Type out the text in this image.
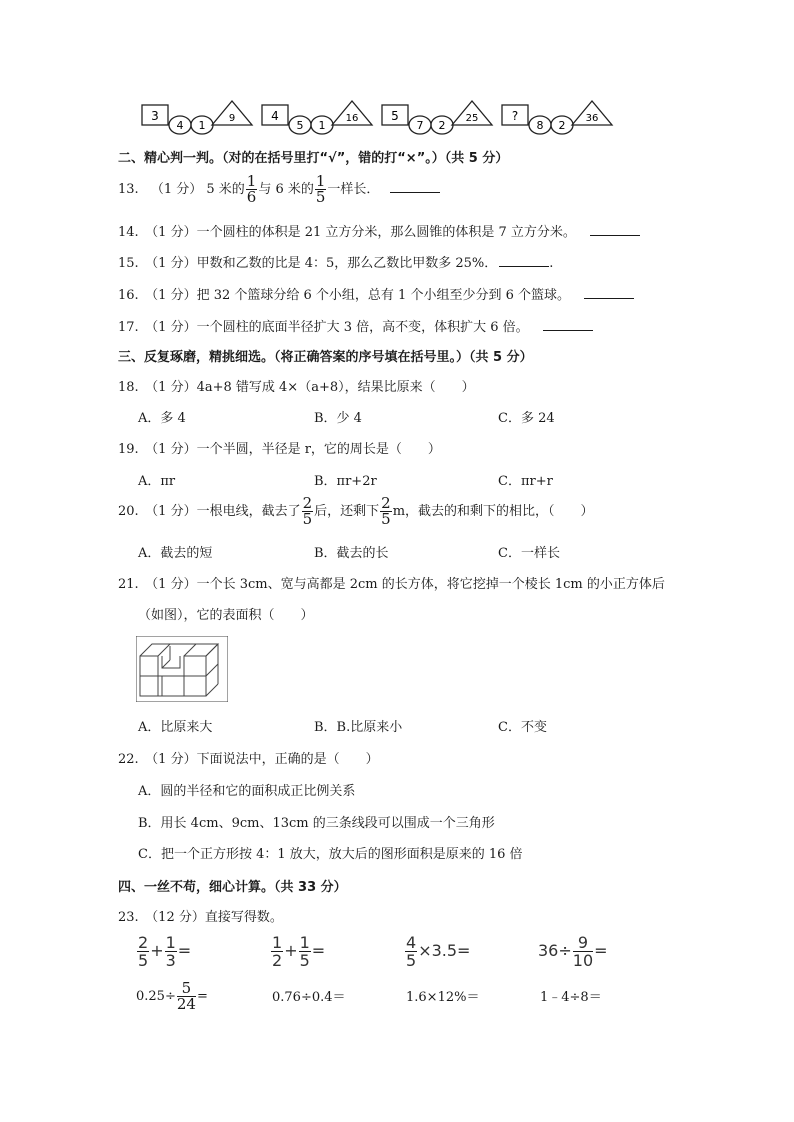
3
4 1
9	4
5 1
16	5
7 2
25	?
8 2
36
二、精心判一判。（对的在括号里打“√”，错的打“×”。）（共 5 分）
13. （1 分） 5 米的 $\frac{1}{6}$ 与 6 米的 $\frac{1}{5}$ 一样长．
14.　（1 分）一个圆柱的体积是 21 立方分米，那么圆锥的体积是 7 立方分米。
15.　（1 分）甲数和乙数的比是 4：5，那么乙数比甲数多 25%．	.
16.　（1 分）把 32 个篮球分给 6 个小组，总有 1 个小组至少分到 6 个篮球。
17.　（1 分）一个圆柱的底面半径扩大 3 倍，高不变，体积扩大 6 倍。
三、反复琢磨，精挑细选。（将正确答案的序号填在括号里。）（共 5 分）
18.　（1 分）4a+8 错写成 4×（a+8），结果比原来（　　）
A．多 4	B．少 4	C．多 24
19.　（1 分）一个半圆，半径是 r，它的周长是（　　）
A．πr	B．πr+2r	C．πr+r
20.　（1 分）一根电线，截去了 $\frac{2}{5}$ 后，还剩下 $\frac{2}{5}$ m，截去的和剩下的相比，（　　）
A．截去的短	B．截去的长	C．一样长
21.　（1 分）一个长 3cm、宽与高都是 2cm 的长方体，将它挖掉一个棱长 1cm 的小正方体后
（如图），它的表面积（　　）
A．比原来大	B．B.比原来小	C．不变
22.　（1 分）下面说法中，正确的是（　　）
A．圆的半径和它的面积成正比例关系
B．用长 4cm、9cm、13cm 的三条线段可以围成一个三角形
C．把一个正方形按 4：1 放大，放大后的图形面积是原来的 16 倍
四、一丝不苟，细心计算。（共 33 分）
23.　（12 分）直接写得数。
$\frac{2}{5} + \frac{1}{3}$ =	$\frac{1}{2} + \frac{1}{5}$ =	$\frac{4}{5} \times 3.5=$	$36\div \frac{9}{10}$ =
$0.25\div \frac{5}{24}$ =	0.76÷0.4＝	1.6×12%＝	1﹣4÷8＝
